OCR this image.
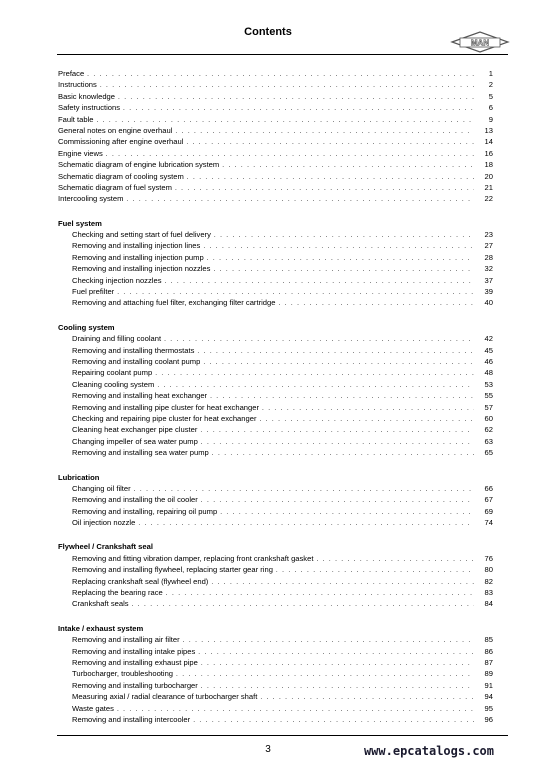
Contents
MAN
Preface . . .	1
Instructions . . .	2
Basic knowledge . . .	5
Safety instructions . . .	6
Fault table . . .	9
General notes on engine overhaul . . .	13
Commissioning after engine overhaul . . .	14
Engine views . . .	16
Schematic diagram of engine lubrication system . . .	18
Schematic diagram of cooling system . . .	20
Schematic diagram of fuel system . . .	21
Intercooling system . . .	22
Fuel system
Checking and setting start of fuel delivery . . .	23
Removing and installing injection lines . . .	27
Removing and installing injection pump . . .	28
Removing and installing injection nozzles . . .	32
Checking injection nozzles . . .	37
Fuel prefilter . . .	39
Removing and attaching fuel filter, exchanging filter cartridge . . .	40
Cooling system
Draining and filling coolant . . .	42
Removing and installing thermostats . . .	45
Removing and installing coolant pump . . .	46
Repairing coolant pump . . .	48
Cleaning cooling system . . .	53
Removing and installing heat exchanger . . .	55
Removing and installing pipe cluster for heat exchanger . . .	57
Checking and repairing pipe cluster for heat exchanger . . .	60
Cleaning heat exchanger pipe cluster . . .	62
Changing impeller of sea water pump . . .	63
Removing and installing sea water pump . . .	65
Lubrication
Changing oil filter . . .	66
Removing and installing the oil cooler . . .	67
Removing and installing, repairing oil pump . . .	69
Oil injection nozzle . . .	74
Flywheel / Crankshaft seal
Removing and fitting vibration damper, replacing front crankshaft gasket . . .	76
Removing and installing flywheel, replacing starter gear ring . . .	80
Replacing crankshaft seal (flywheel end) . . .	82
Replacing the bearing race . . .	83
Crankshaft seals . . .	84
Intake / exhaust system
Removing and installing air filter . . .	85
Removing and installing intake pipes . . .	86
Removing and installing exhaust pipe . . .	87
Turbocharger, troubleshooting . . .	89
Removing and installing turbocharger . . .	91
Measuring axial / radial clearance of turbocharger shaft . . .	94
Waste gates . . .	95
Removing and installing intercooler . . .	96
3	www.epcatalogs.com
